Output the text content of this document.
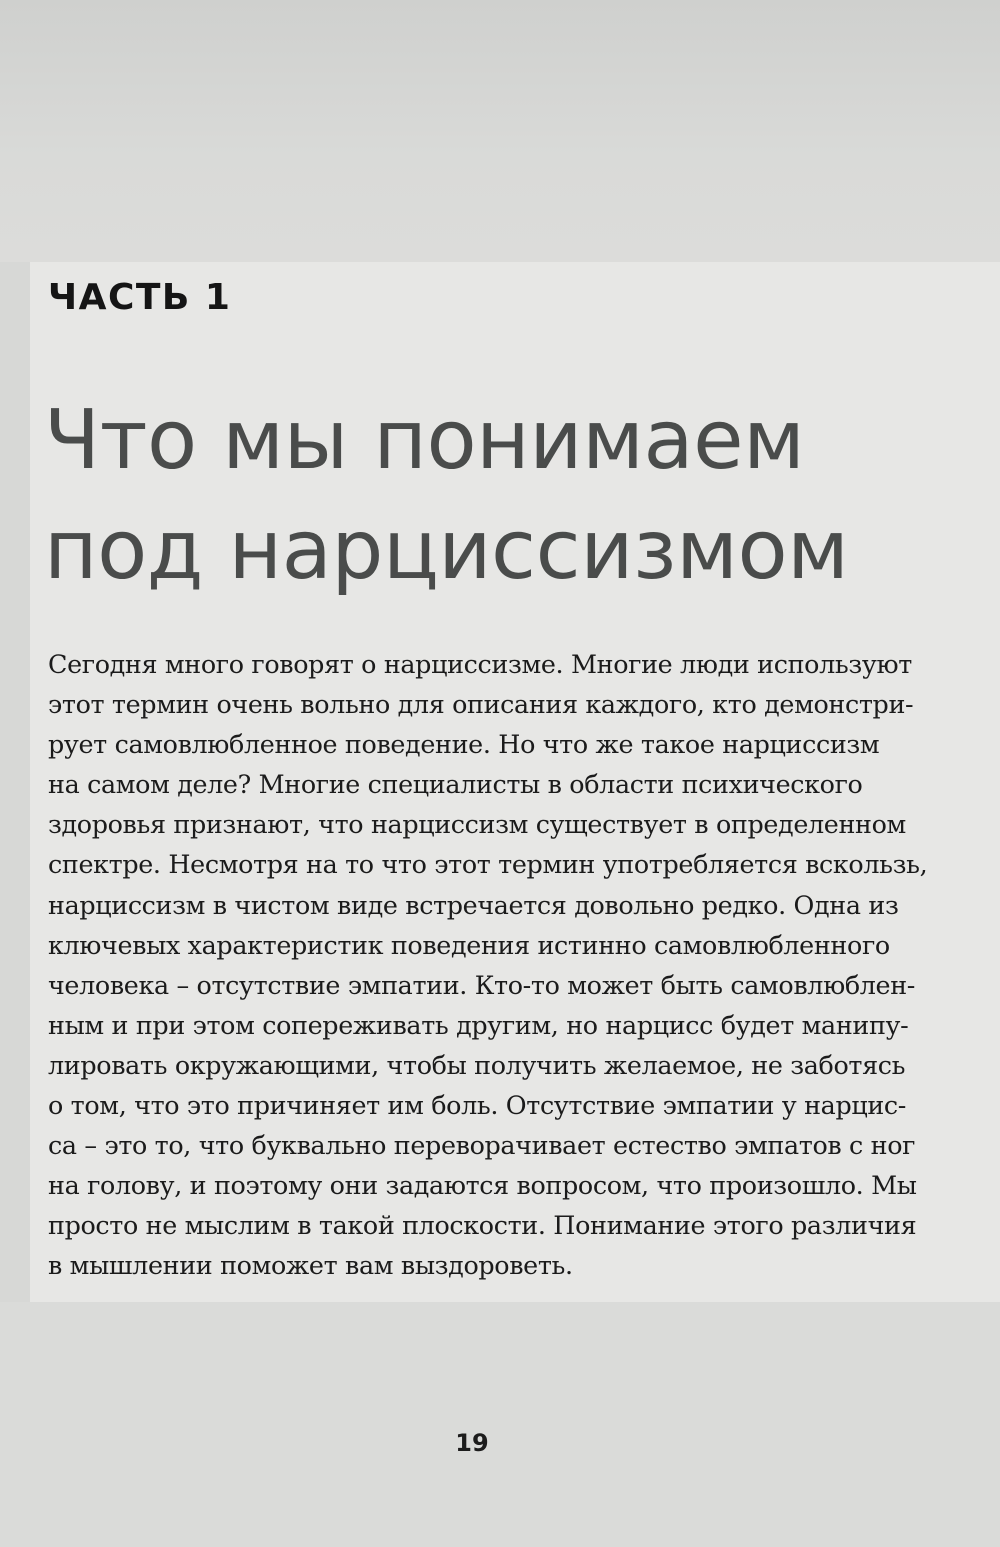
ЧАСТЬ 1
Что мы понимаем
под нарциссизмом

Сегодня много говорят о нарциссизме. Многие люди используют
этот термин очень вольно для описания каждого, кто демонстри-
рует самовлюбленное поведение. Но что же такое нарциссизм
на самом деле? Многие специалисты в области психического
здоровья признают, что нарциссизм существует в определенном
спектре. Несмотря на то что этот термин употребляется вскользь,
нарциссизм в чистом виде встречается довольно редко. Одна из
ключевых характеристик поведения истинно самовлюбленного
человека – отсутствие эмпатии. Кто-то может быть самовлюблен-
ным и при этом сопереживать другим, но нарцисс будет манипу-
лировать окружающими, чтобы получить желаемое, не заботясь
о том, что это причиняет им боль. Отсутствие эмпатии у нарцис-
са – это то, что буквально переворачивает естество эмпатов с ног
на голову, и поэтому они задаются вопросом, что произошло. Мы
просто не мыслим в такой плоскости. Понимание этого различия
в мышлении поможет вам выздороветь.

19
